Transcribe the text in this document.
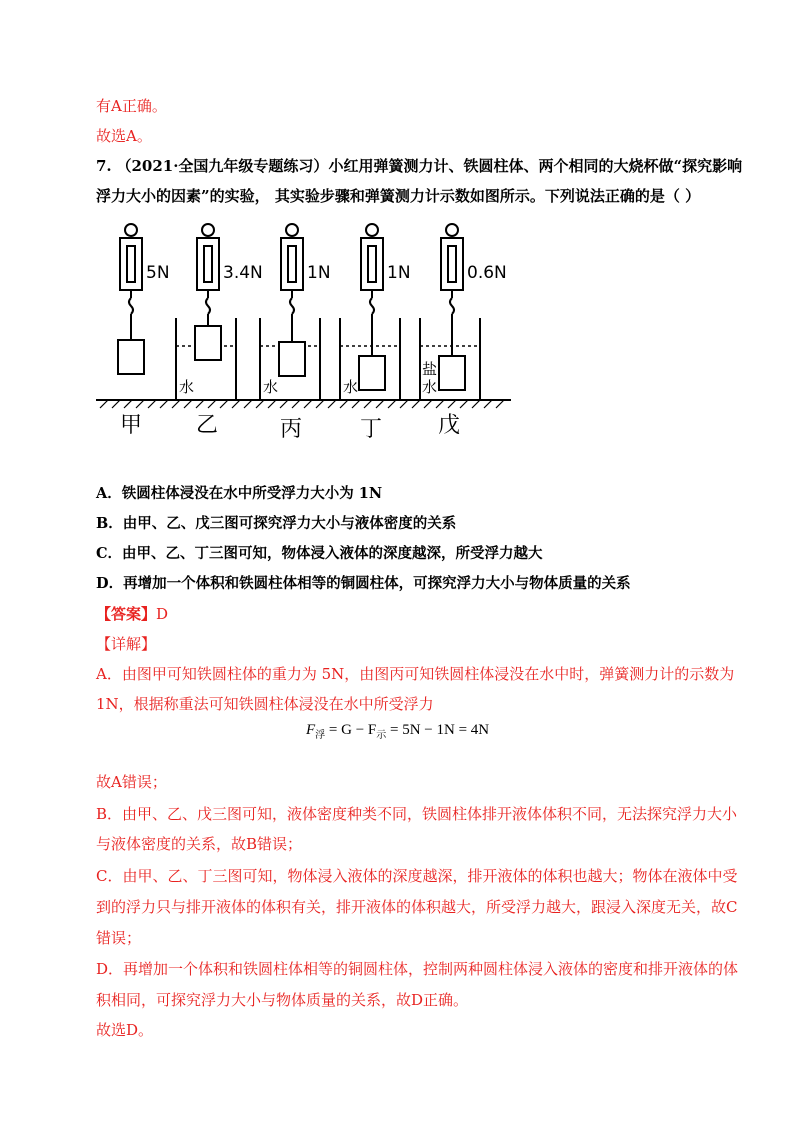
有A正确。
故选A。
7. （2021·全国九年级专题练习）小红用弹簧测力计、铁圆柱体、两个相同的大烧杯做“探究影响
浮力大小的因素”的实验， 其实验步骤和弹簧测力计示数如图所示。下列说法正确的是（ ）
5N	3.4N	1N	1N	0.6N
水	水	水
盐
水
甲 乙	丙	丁	戊
A．铁圆柱体浸没在水中所受浮力大小为 1N
B．由甲、乙、戊三图可探究浮力大小与液体密度的关系
C．由甲、乙、丁三图可知，物体浸入液体的深度越深，所受浮力越大
D．再增加一个体积和铁圆柱体相等的铜圆柱体，可探究浮力大小与物体质量的关系
【答案】D
【详解】
A．由图甲可知铁圆柱体的重力为 5N，由图丙可知铁圆柱体浸没在水中时，弹簧测力计的示数为
1N，根据称重法可知铁圆柱体浸没在水中所受浮力
$F_浮 = G - F_示 = 5N - 1N = 4N$
故A错误；
B．由甲、乙、戊三图可知，液体密度种类不同，铁圆柱体排开液体体积不同，无法探究浮力大小
与液体密度的关系，故B错误；
C．由甲、乙、丁三图可知，物体浸入液体的深度越深，排开液体的体积也越大；物体在液体中受
到的浮力只与排开液体的体积有关，排开液体的体积越大，所受浮力越大，跟浸入深度无关，故C
错误；
D．再增加一个体积和铁圆柱体相等的铜圆柱体，控制两种圆柱体浸入液体的密度和排开液体的体
积相同，可探究浮力大小与物体质量的关系，故D正确。
故选D。
